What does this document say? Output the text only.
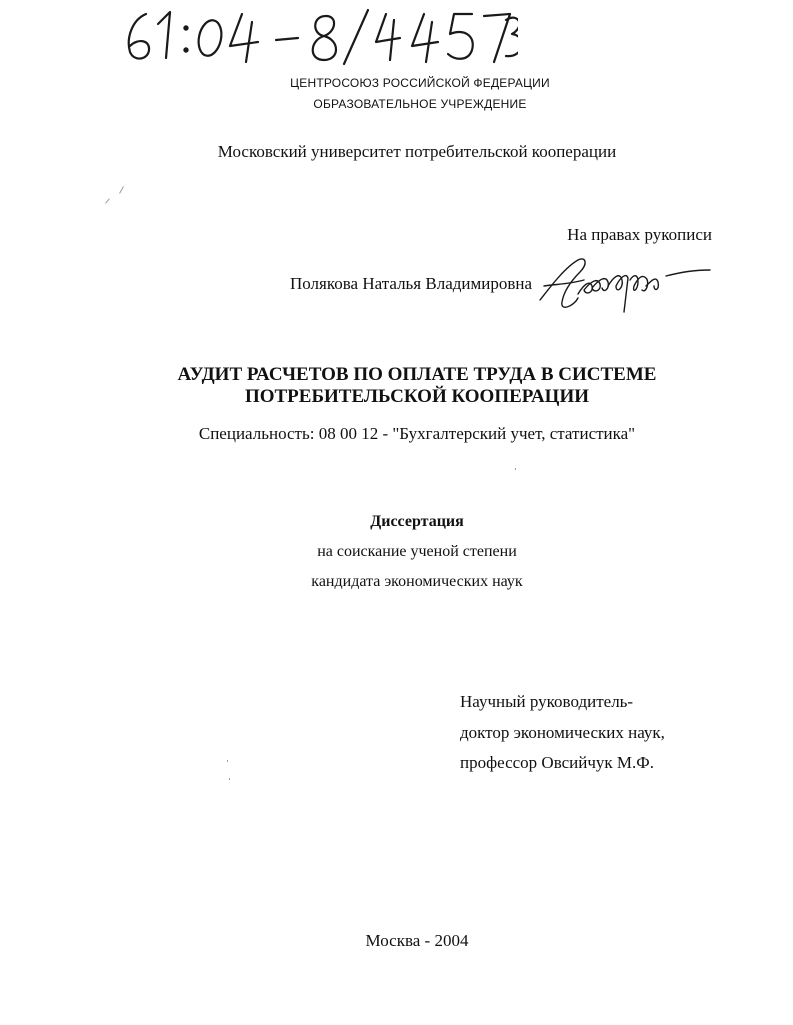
ЦЕНТРОСОЮЗ РОССИЙСКОЙ ФЕДЕРАЦИИ
ОБРАЗОВАТЕЛЬНОЕ УЧРЕЖДЕНИЕ
Московский университет потребительской кооперации
На правах рукописи
Полякова Наталья Владимировна
АУДИТ РАСЧЕТОВ ПО ОПЛАТЕ ТРУДА В СИСТЕМЕ
ПОТРЕБИТЕЛЬСКОЙ КООПЕРАЦИИ
Специальность: 08 00 12 - "Бухгалтерский учет, статистика"
Диссертация
на соискание ученой степени
кандидата экономических наук
Научный руководитель-
доктор экономических наук,
профессор Овсийчук М.Ф.
Москва - 2004
